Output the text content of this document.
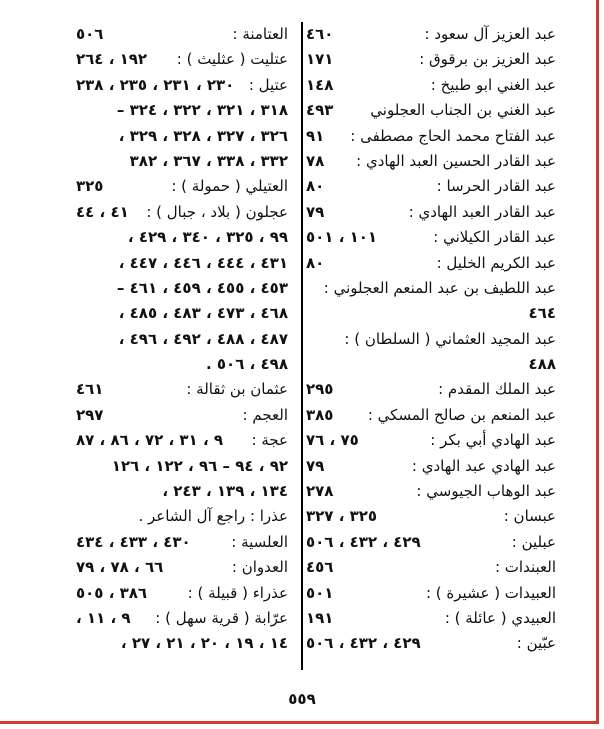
عبد العزيز آل سعود :
٤٦٠
عبد العزيز بن برقوق :
١٧١
عبد الغني ابو طبيخ :
١٤٨
عبد الغني بن الجناب العجلوني
٤٩٣
عبد الفتاح محمد الحاج مصطفى :
٩١
عبد القادر الحسين العبد الهادي :
٧٨
عبد القادر الحرسا :
٨٠
عبد القادر العبد الهادي :
٧٩
عبد القادر الكيلاني :
١٠١ ، ٥٠١
عبد الكريم الخليل :
٨٠
عبد اللطيف بن عبد المنعم العجلوني :
٤٦٤
عبد المجيد العثماني ( السلطان ) :
٤٨٨
عبد الملك المقدم :
٢٩٥
عبد المنعم بن صالح المسكي :
٣٨٥
عبد الهادي أبي بكر :
٧٥ ، ٧٦
عبد الهادي عبد الهادي :
٧٩
عبد الوهاب الجيوسي :
٢٧٨
عبسان :
٣٢٥ ، ٣٢٧
عبلين :
٤٢٩ ، ٤٣٢ ، ٥٠٦
العبندات :
٤٥٦
العبيدات ( عشيرة ) :
٥٠١
العبيدي ( عائلة ) :
١٩١
عبّين :
٤٢٩ ، ٤٣٢ ، ٥٠٦
العتامنة :
٥٠٦
عتليت ( عثليث ) :
١٩٢ ، ٢٦٤
عتيل :
٢٣٠ ، ٢٣١ ، ٢٣٥ ، ٢٣٨
٣١٨ ، ٣٢١ ، ٣٢٢ ، ٣٢٤ –
٣٢٦ ، ٣٢٧ ، ٣٢٨ ، ٣٢٩ ،
٣٣٢ ، ٣٣٨ ، ٣٦٧ ، ٣٨٢
العتيلي ( حمولة ) :
٣٢٥
عجلون ( بلاد ، جبال ) :
٤١ ، ٤٤
٩٩ ، ٣٢٥ ، ٣٤٠ ، ٤٢٩ ،
٤٣١ ، ٤٤٤ ، ٤٤٦ ، ٤٤٧ ،
٤٥٣ ، ٤٥٥ ، ٤٥٩ ، ٤٦١ –
٤٦٨ ، ٤٧٣ ، ٤٨٣ ، ٤٨٥ ،
٤٨٧ ، ٤٨٨ ، ٤٩٢ ، ٤٩٦ ،
٤٩٨ ، ٥٠٦ .
عثمان بن ثقالة :
٤٦١
العجم :
٢٩٧
عجة :
٩ ، ٣١ ، ٧٢ ، ٨٦ ، ٨٧
٩٢ ، ٩٤ – ٩٦ ، ١٢٢ ، ١٢٦
١٣٤ ، ١٣٩ ، ٢٤٣ ،
عذرا : راجع آل الشاعر .
العلسية :
٤٣٠ ، ٤٣٣ ، ٤٣٤
العدوان :
٦٦ ، ٧٨ ، ٧٩
عذراء ( قبيلة ) :
٣٨٦ ، ٥٠٥
عرّابة ( قرية سهل ) :
٩ ، ١١ ،
١٤ ، ١٩ ، ٢٠ ، ٢١ ، ٢٧ ،
٥٥٩
